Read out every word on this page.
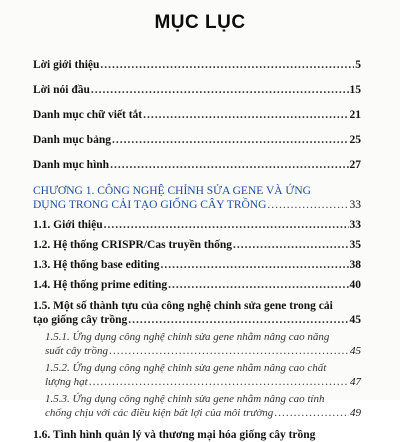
MỤC LỤC
Lời giới thiệu .....	5
Lời nói đầu .....	15
Danh mục chữ viết tắt .....	21
Danh mục bảng .....	25
Danh mục hình .....	27
CHƯƠNG 1. CÔNG NGHỆ CHỈNH SỬA GENE VÀ ỨNG
DỤNG TRONG CẢI TẠO GIỐNG CÂY TRỒNG .....	33
1.1. Giới thiệu .....	33
1.2. Hệ thống CRISPR/Cas truyền thống .....	35
1.3. Hệ thống base editing .....	38
1.4. Hệ thống prime editing .....	40
1.5. Một số thành tựu của công nghệ chỉnh sửa gene trong cải
tạo giống cây trồng .....	45
1.5.1. Ứng dụng công nghệ chỉnh sửa gene nhằm nâng cao năng
suất cây trồng .....	45
1.5.2. Ứng dụng công nghệ chỉnh sửa gene nhằm nâng cao chất
lượng hạt .....	47
1.5.3. Ứng dụng công nghệ chỉnh sửa gene nhằm nâng cao tính
chống chịu với các điều kiện bất lợi của môi trường .....	49
1.6. Tình hình quản lý và thương mại hóa giống cây trồng
